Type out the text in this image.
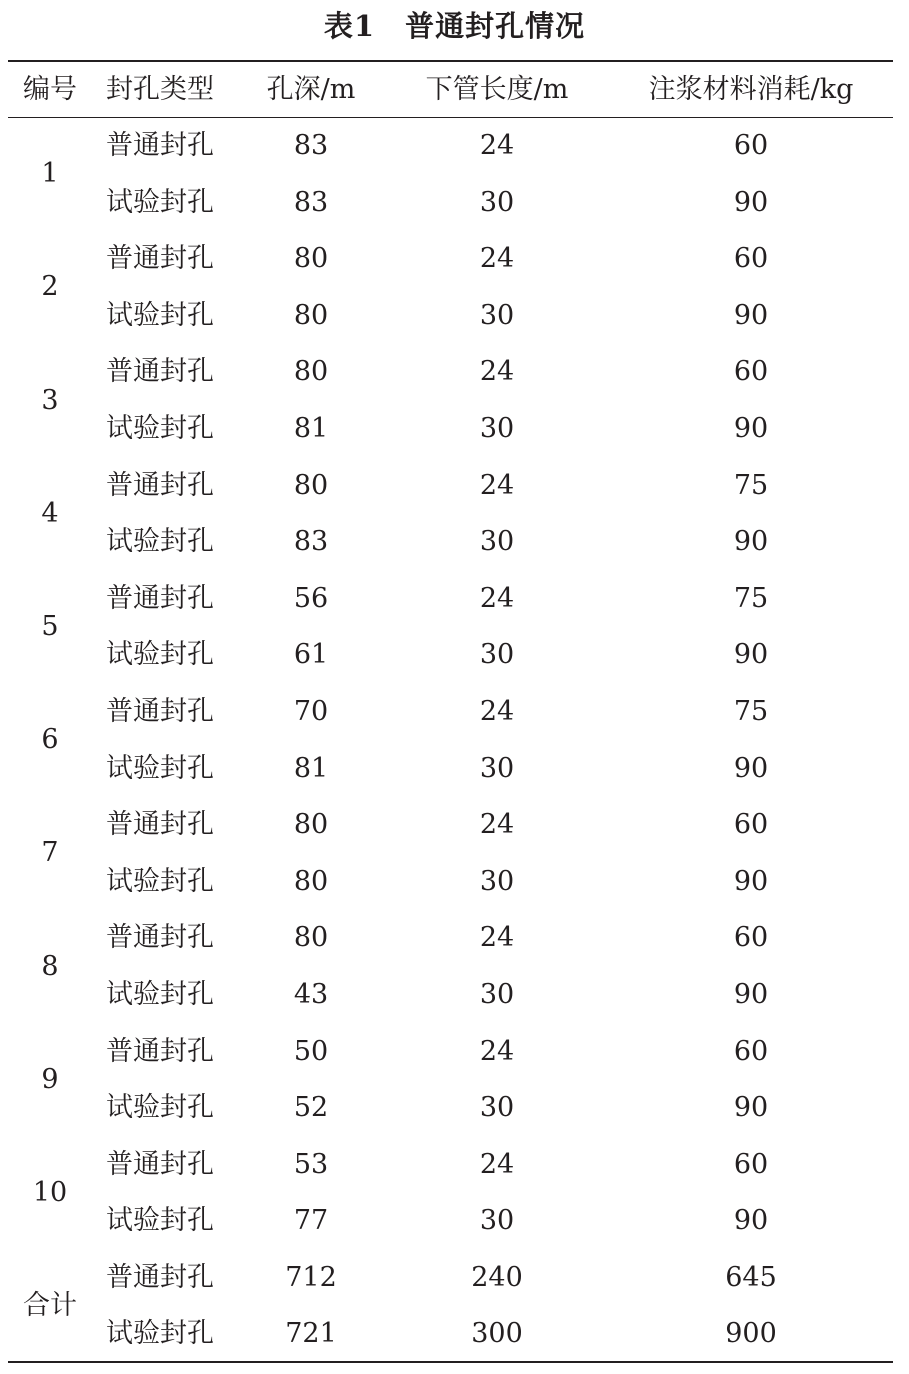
表1 普通封孔情况
编号	封孔类型	孔深/m	下管长度/m	注浆材料消耗/kg
1	普通封孔	83	24	60
	试验封孔	83	30	90
2	普通封孔	80	24	60
	试验封孔	80	30	90
3	普通封孔	80	24	60
	试验封孔	81	30	90
4	普通封孔	80	24	75
	试验封孔	83	30	90
5	普通封孔	56	24	75
	试验封孔	61	30	90
6	普通封孔	70	24	75
	试验封孔	81	30	90
7	普通封孔	80	24	60
	试验封孔	80	30	90
8	普通封孔	80	24	60
	试验封孔	43	30	90
9	普通封孔	50	24	60
	试验封孔	52	30	90
10	普通封孔	53	24	60
	试验封孔	77	30	90
合计	普通封孔	712	240	645
	试验封孔	721	300	900
